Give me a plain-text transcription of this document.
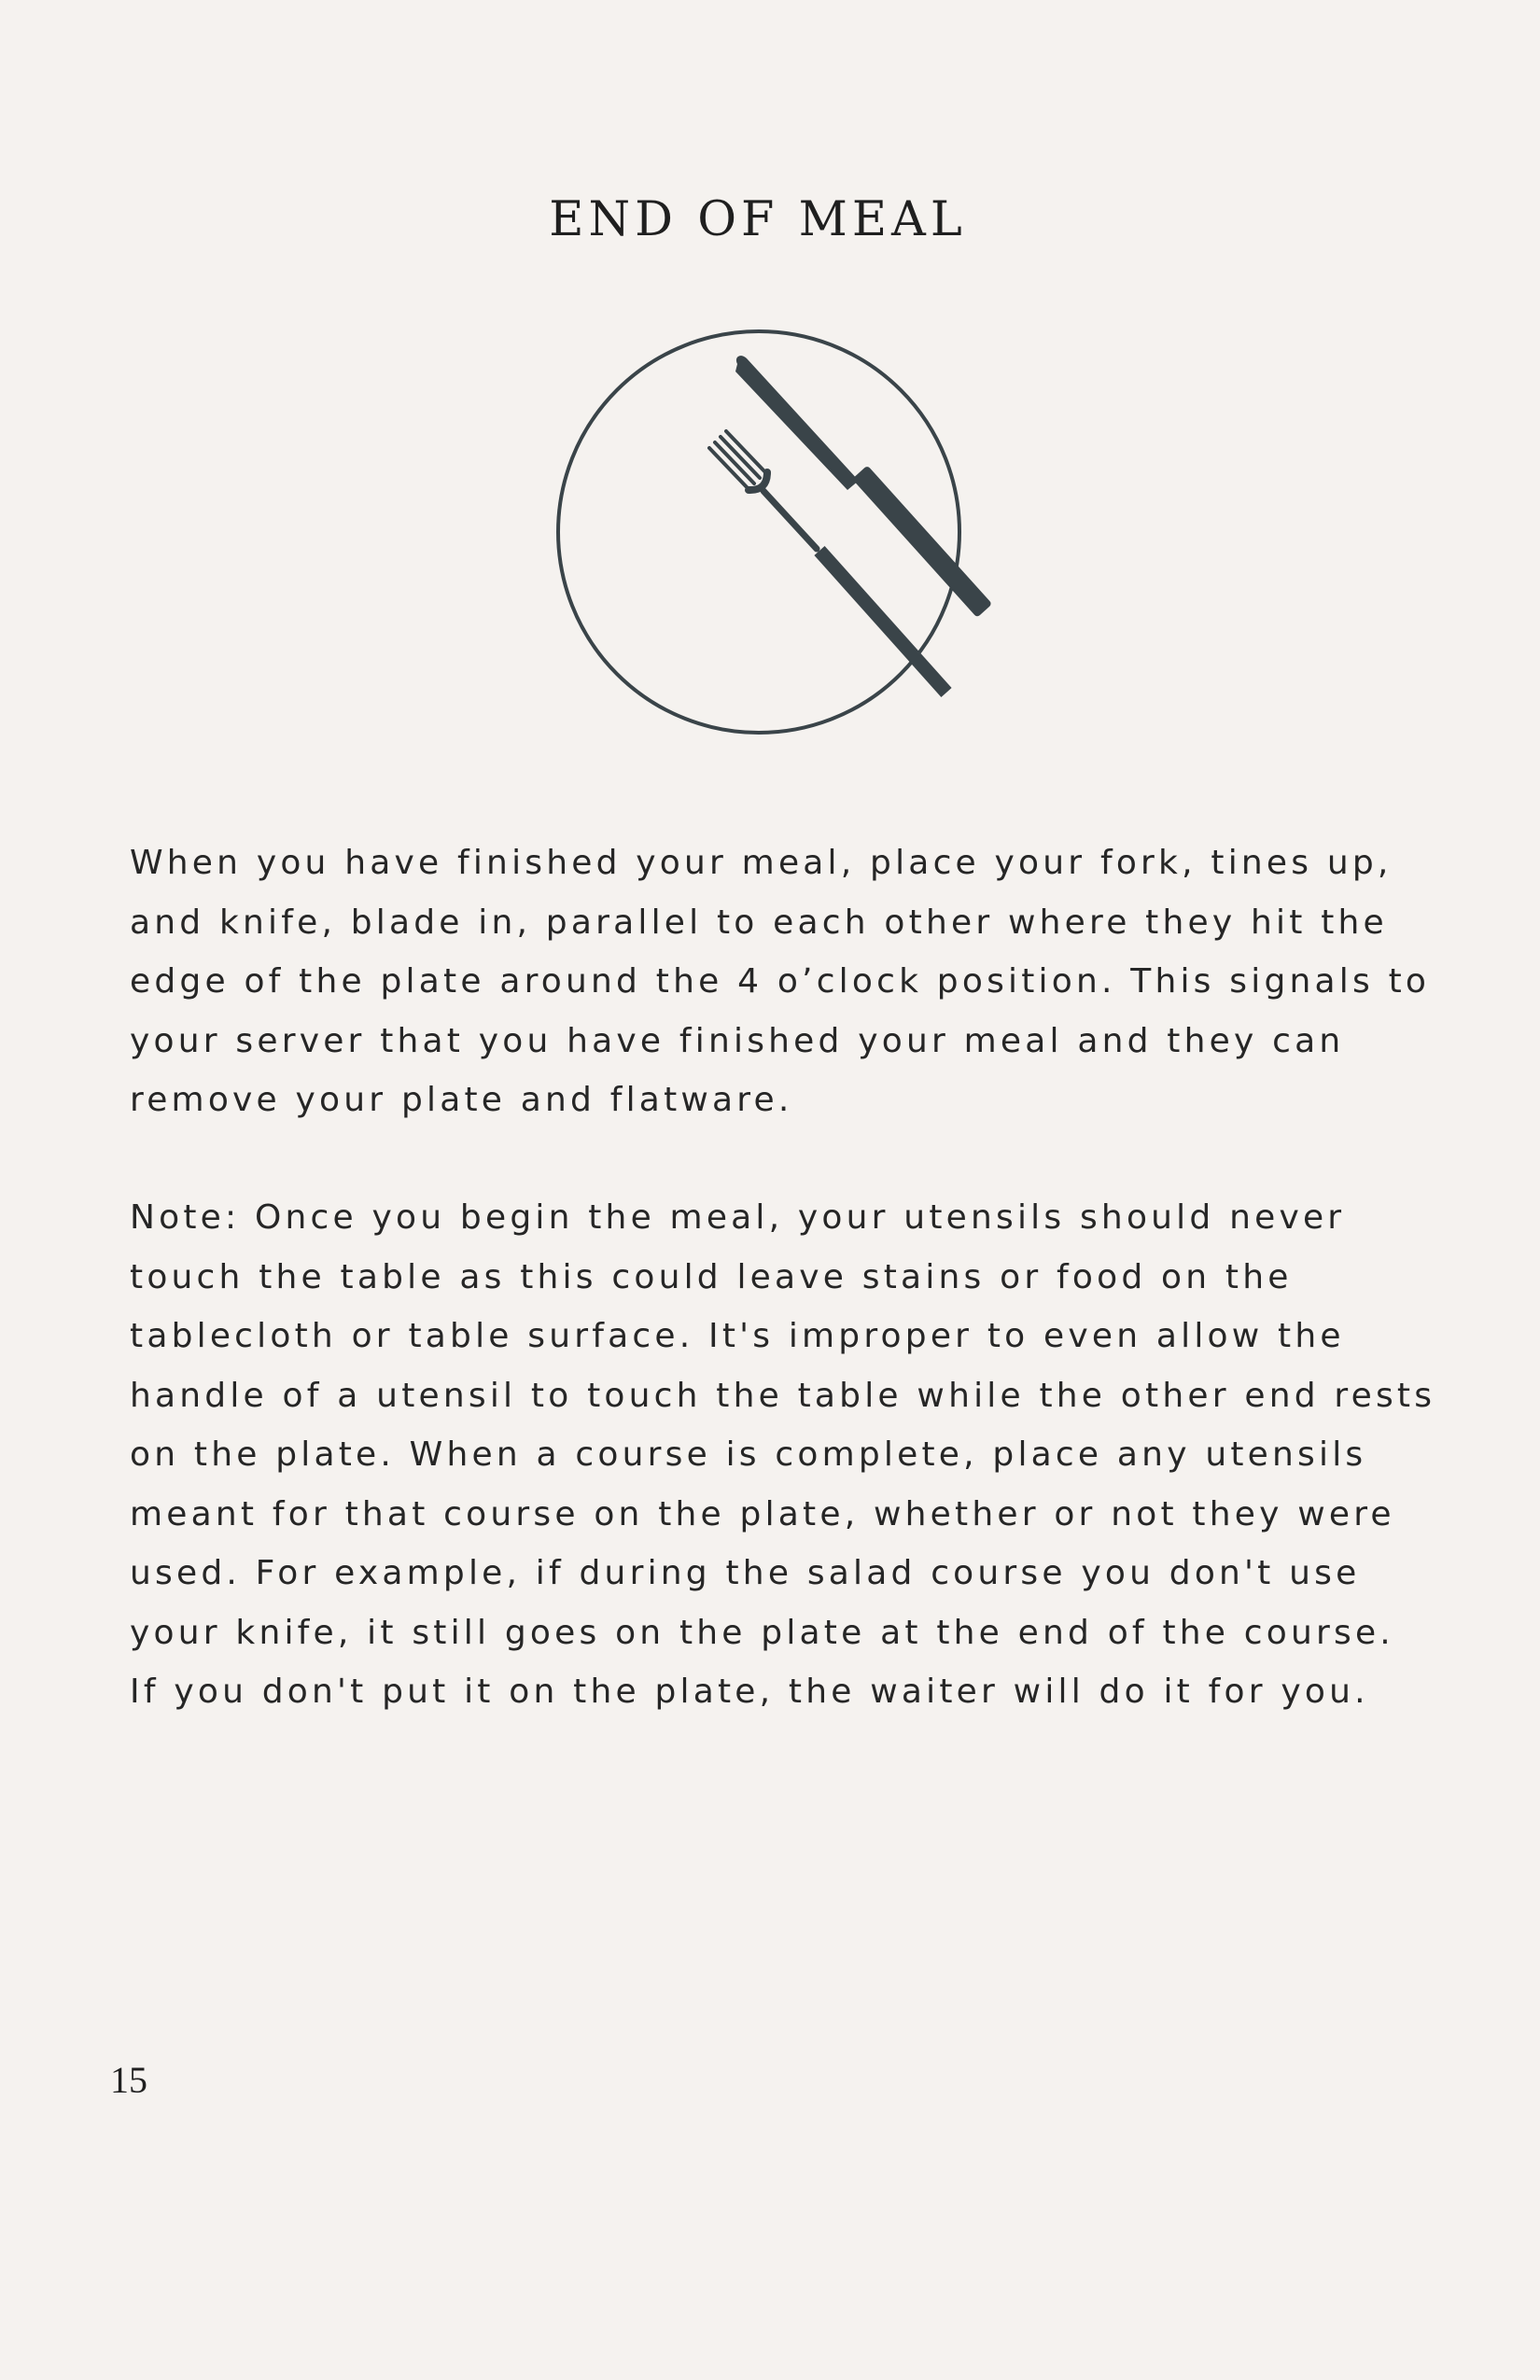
END OF MEAL

When you have finished your meal, place your fork, tines up, and knife, blade in, parallel to each other where they hit the edge of the plate around the 4 o’clock position. This signals to your server that you have finished your meal and they can remove your plate and flatware.

Note: Once you begin the meal, your utensils should never touch the table as this could leave stains or food on the tablecloth or table surface. It's improper to even allow the handle of a utensil to touch the table while the other end rests on the plate. When a course is complete, place any utensils meant for that course on the plate, whether or not they were used. For example, if during the salad course you don't use your knife, it still goes on the plate at the end of the course. If you don't put it on the plate, the waiter will do it for you.

15
